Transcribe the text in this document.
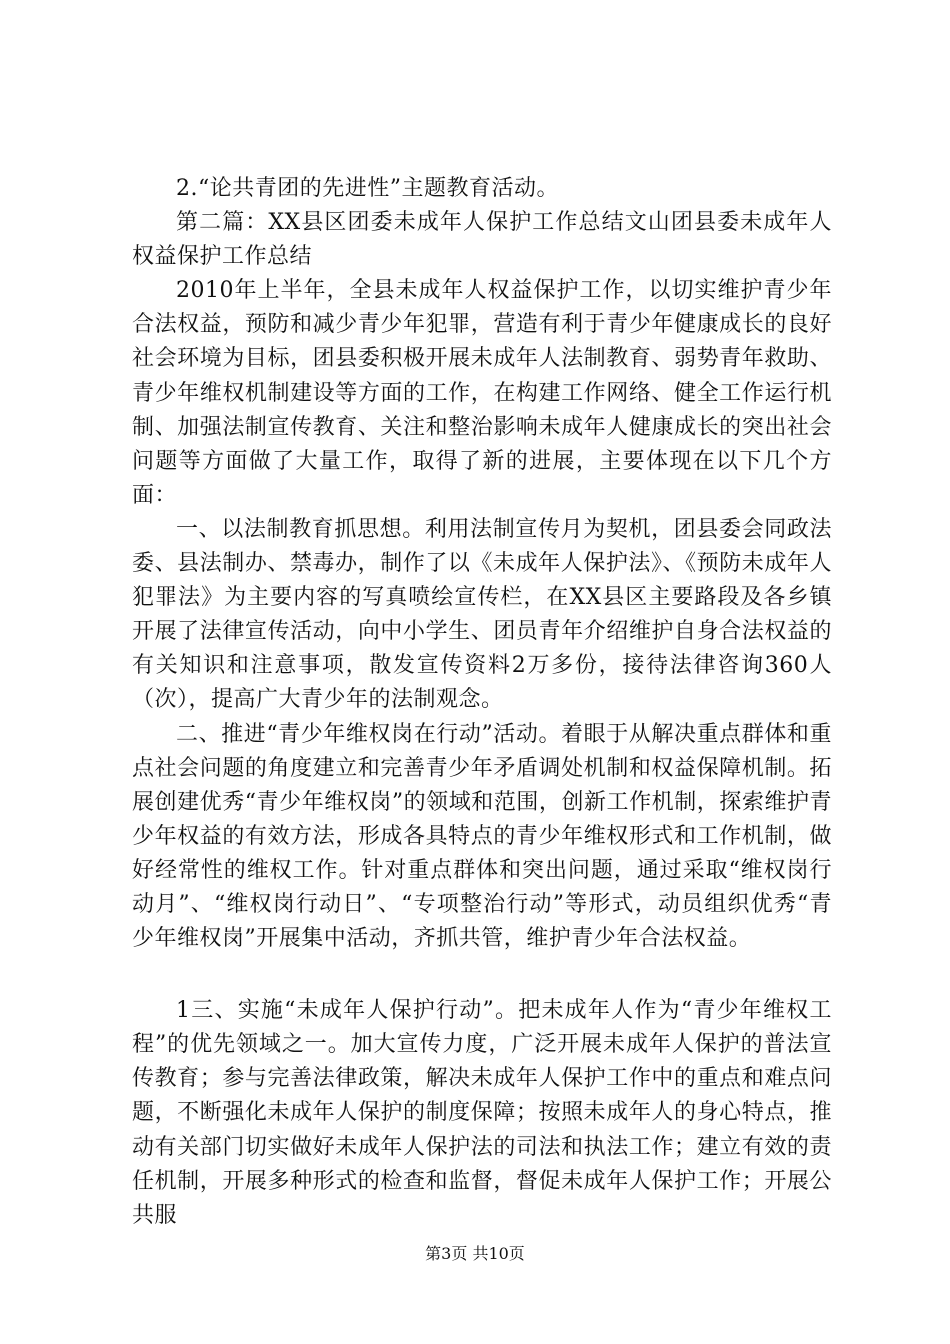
2.“论共青团的先进性”主题教育活动。

第二篇：XX县区团委未成年人保护工作总结文山团县委未成年人权益保护工作总结

2010年上半年，全县未成年人权益保护工作，以切实维护青少年合法权益，预防和减少青少年犯罪，营造有利于青少年健康成长的良好社会环境为目标，团县委积极开展未成年人法制教育、弱势青年救助、青少年维权机制建设等方面的工作，在构建工作网络、健全工作运行机制、加强法制宣传教育、关注和整治影响未成年人健康成长的突出社会问题等方面做了大量工作，取得了新的进展，主要体现在以下几个方面：

一、以法制教育抓思想。利用法制宣传月为契机，团县委会同政法委、县法制办、禁毒办，制作了以《未成年人保护法》、《预防未成年人犯罪法》为主要内容的写真喷绘宣传栏，在XX县区主要路段及各乡镇开展了法律宣传活动，向中小学生、团员青年介绍维护自身合法权益的有关知识和注意事项，散发宣传资料2万多份，接待法律咨询360人（次），提高广大青少年的法制观念。

二、推进“青少年维权岗在行动”活动。着眼于从解决重点群体和重点社会问题的角度建立和完善青少年矛盾调处机制和权益保障机制。拓展创建优秀“青少年维权岗”的领域和范围，创新工作机制，探索维护青少年权益的有效方法，形成各具特点的青少年维权形式和工作机制，做好经常性的维权工作。针对重点群体和突出问题，通过采取“维权岗行动月”、“维权岗行动日”、“专项整治行动”等形式，动员组织优秀“青少年维权岗”开展集中活动，齐抓共管，维护青少年合法权益。

1三、实施“未成年人保护行动”。把未成年人作为“青少年维权工程”的优先领域之一。加大宣传力度，广泛开展未成年人保护的普法宣传教育；参与完善法律政策，解决未成年人保护工作中的重点和难点问题，不断强化未成年人保护的制度保障；按照未成年人的身心特点，推动有关部门切实做好未成年人保护法的司法和执法工作；建立有效的责任机制，开展多种形式的检查和监督，督促未成年人保护工作；开展公共服

第3页 共10页
